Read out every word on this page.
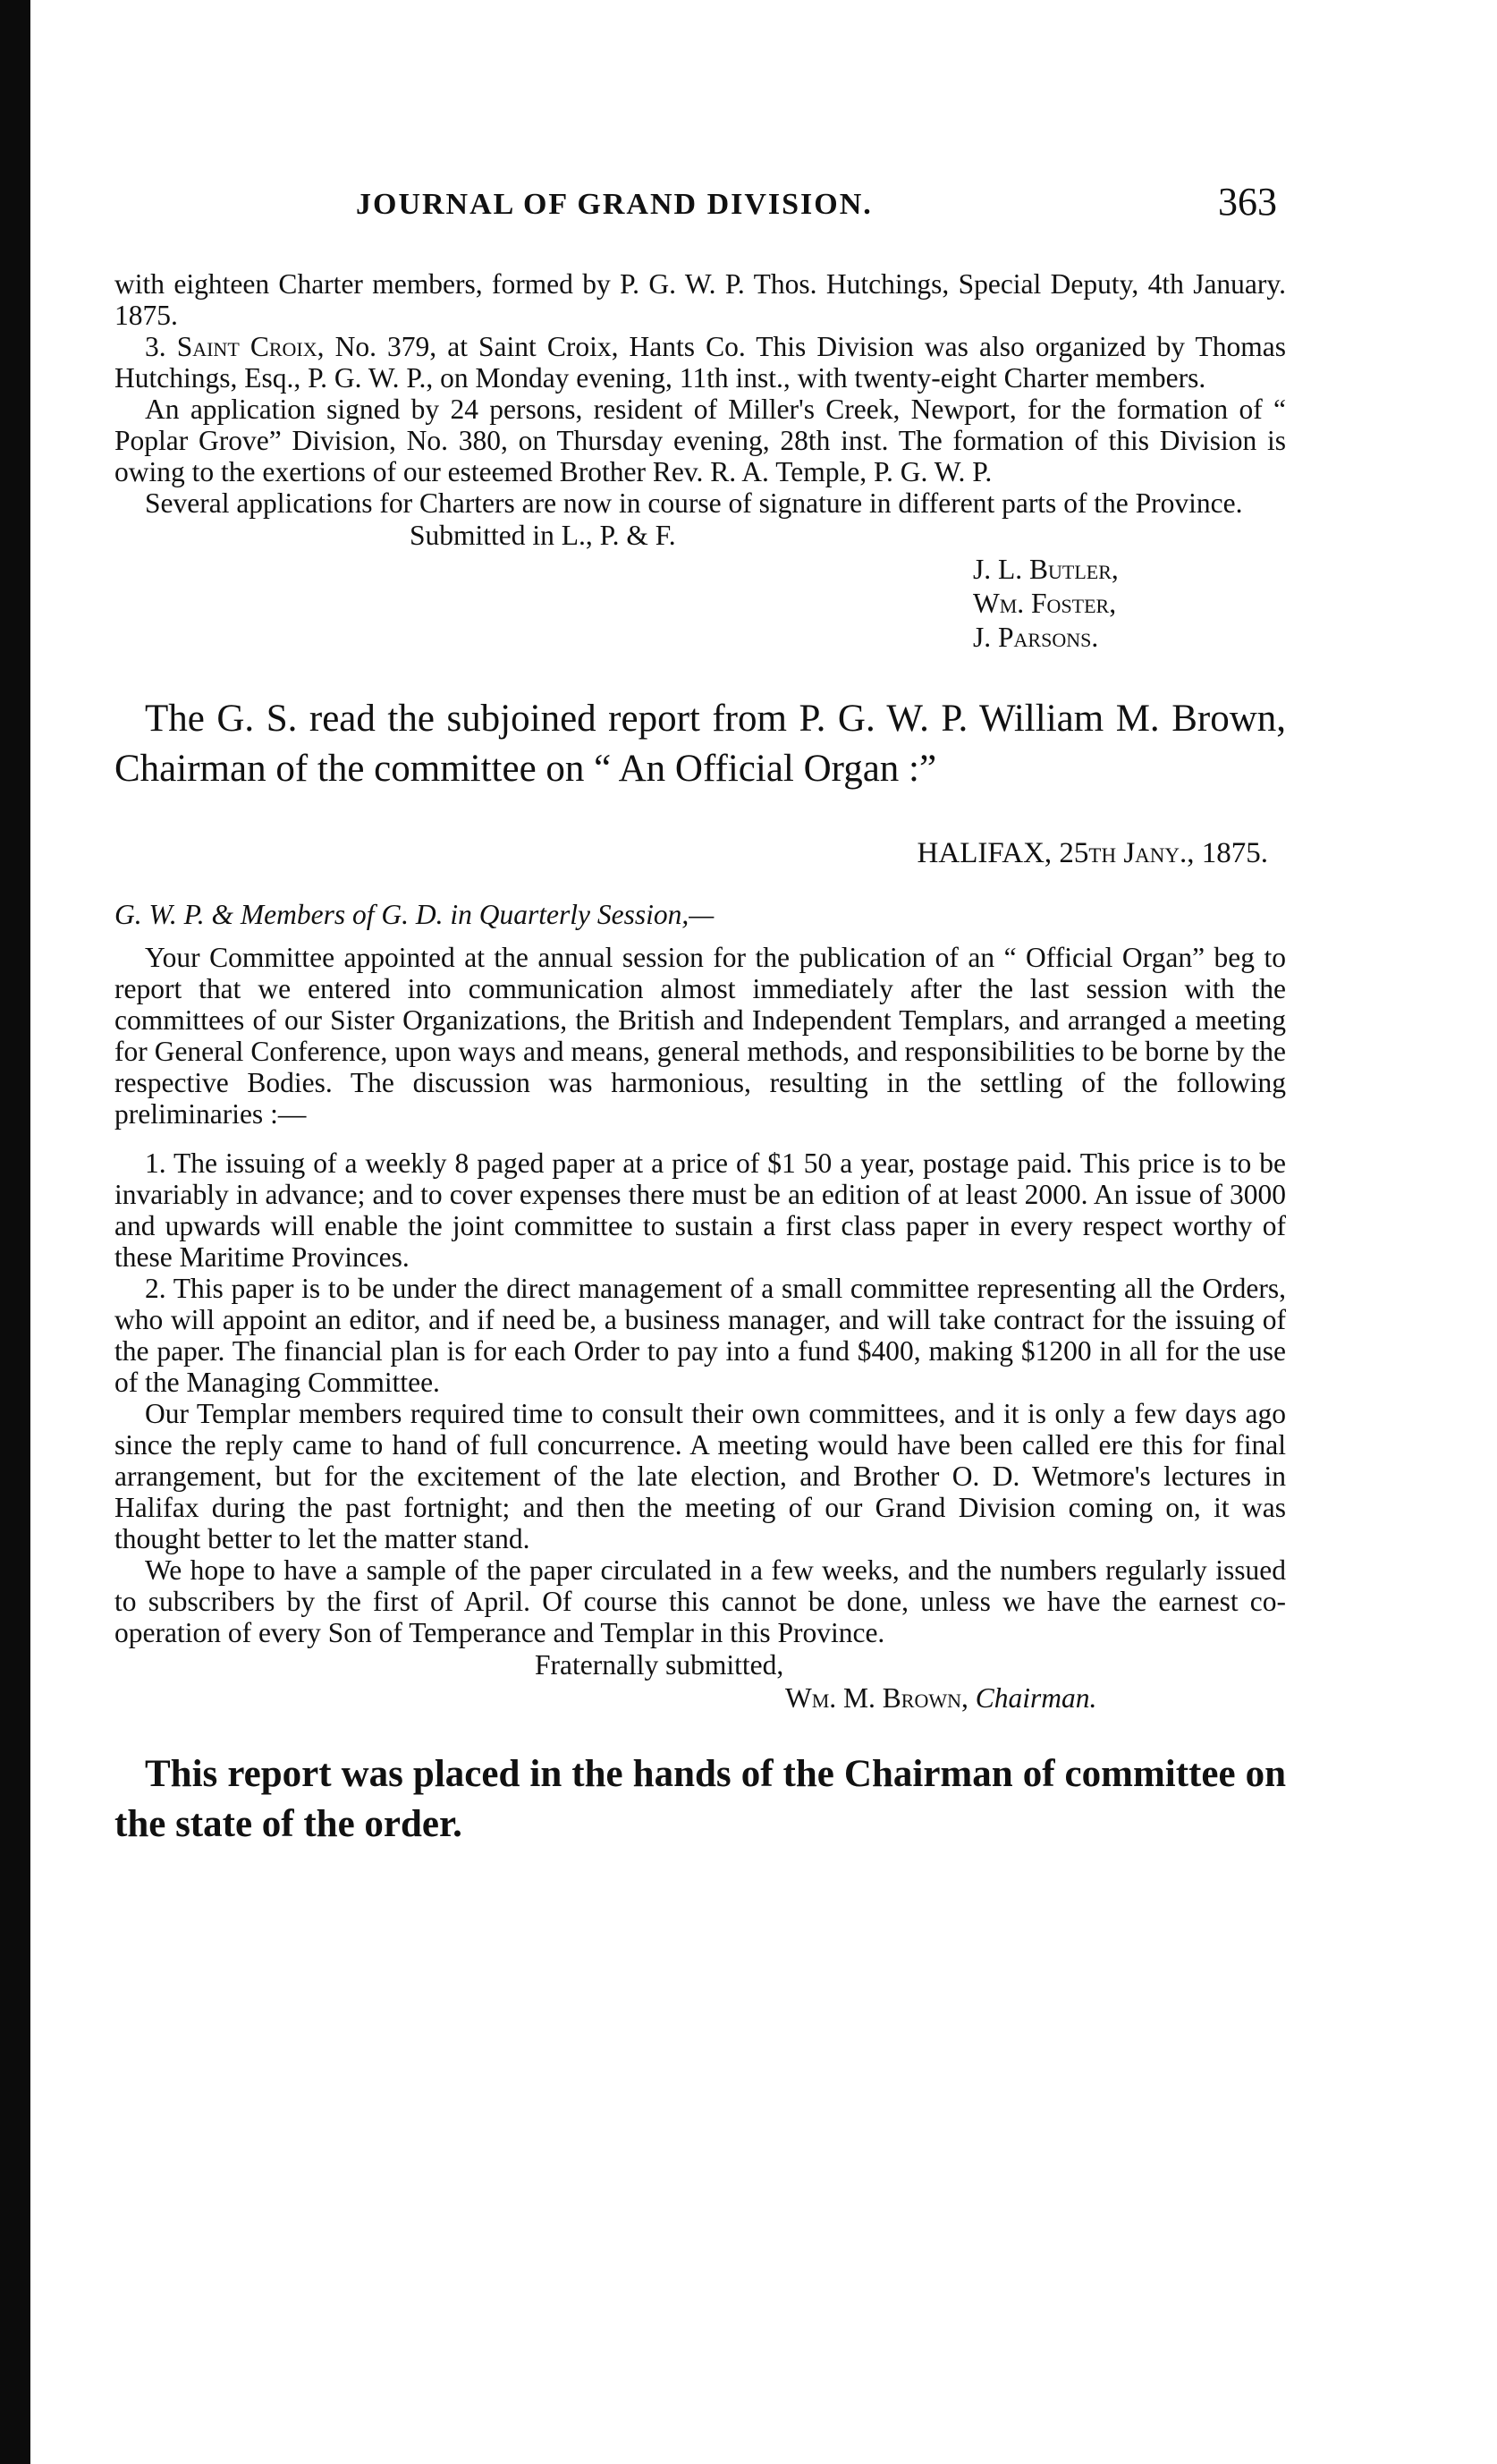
JOURNAL OF GRAND DIVISION.	363

with eighteen Charter members, formed by P. G. W. P. Thos. Hutchings, Special Deputy, 4th January. 1875.

3. Saint Croix, No. 379, at Saint Croix, Hants Co. This Division was also organized by Thomas Hutchings, Esq., P. G. W. P., on Monday evening, 11th inst., with twenty-eight Charter members.

An application signed by 24 persons, resident of Miller's Creek, Newport, for the formation of “ Poplar Grove” Division, No. 380, on Thursday evening, 28th inst. The formation of this Division is owing to the exertions of our esteemed Brother Rev. R. A. Temple, P. G. W. P.

Several applications for Charters are now in course of signature in different parts of the Province.

Submitted in L., P. & F.

J. L. Butler,

Wm. Foster,

J. Parsons.

The G. S. read the subjoined report from P. G. W. P. William M. Brown, Chairman of the committee on “ An Official Organ :”

HALIFAX, 25th Jany., 1875.

G. W. P. & Members of G. D. in Quarterly Session,—

Your Committee appointed at the annual session for the publication of an “ Official Organ” beg to report that we entered into communication almost immediately after the last session with the committees of our Sister Organizations, the British and Independent Templars, and arranged a meeting for General Conference, upon ways and means, general methods, and responsibilities to be borne by the respective Bodies. The discussion was harmonious, resulting in the settling of the following preliminaries :—

1. The issuing of a weekly 8 paged paper at a price of $1 50 a year, postage paid. This price is to be invariably in advance; and to cover expenses there must be an edition of at least 2000. An issue of 3000 and upwards will enable the joint committee to sustain a first class paper in every respect worthy of these Maritime Provinces.

2. This paper is to be under the direct management of a small committee representing all the Orders, who will appoint an editor, and if need be, a business manager, and will take contract for the issuing of the paper. The financial plan is for each Order to pay into a fund $400, making $1200 in all for the use of the Managing Committee.

Our Templar members required time to consult their own committees, and it is only a few days ago since the reply came to hand of full concurrence. A meeting would have been called ere this for final arrangement, but for the excitement of the late election, and Brother O. D. Wetmore's lectures in Halifax during the past fortnight; and then the meeting of our Grand Division coming on, it was thought better to let the matter stand.

We hope to have a sample of the paper circulated in a few weeks, and the numbers regularly issued to subscribers by the first of April. Of course this cannot be done, unless we have the earnest co-operation of every Son of Temperance and Templar in this Province.

Fraternally submitted,

Wm. M. Brown, Chairman.

This report was placed in the hands of the Chairman of committee on the state of the order.
